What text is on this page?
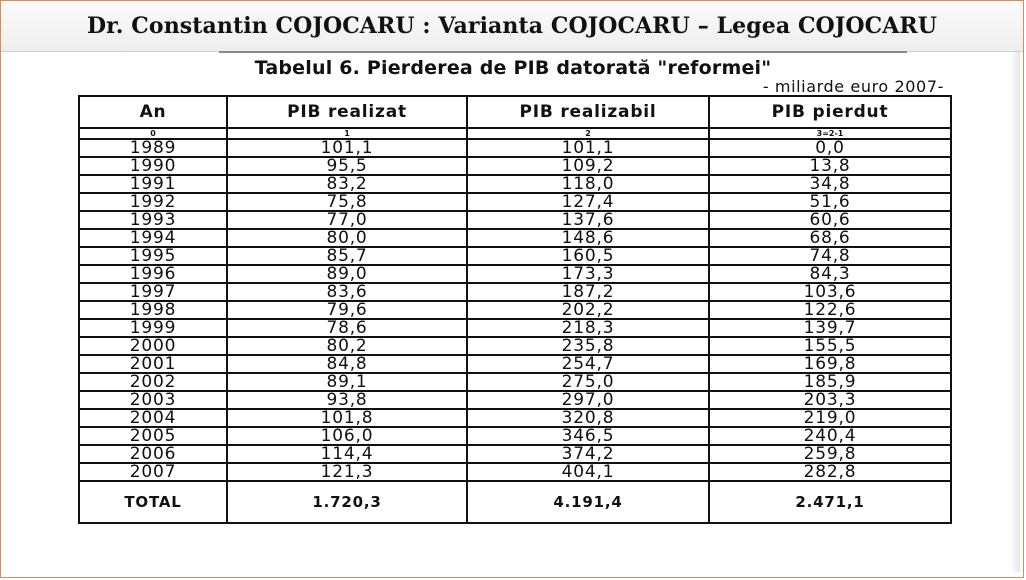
Dr. Constantin COJOCARU : Varianta COJOCARU – Legea COJOCARU
Tabelul 6. Pierderea de PIB datorată "reformei"
- miliarde euro 2007-
An	PIB realizat	PIB realizabil	PIB pierdut
0	1	2	3=2-1
1989	101,1	101,1	0,0
1990	95,5	109,2	13,8
1991	83,2	118,0	34,8
1992	75,8	127,4	51,6
1993	77,0	137,6	60,6
1994	80,0	148,6	68,6
1995	85,7	160,5	74,8
1996	89,0	173,3	84,3
1997	83,6	187,2	103,6
1998	79,6	202,2	122,6
1999	78,6	218,3	139,7
2000	80,2	235,8	155,5
2001	84,8	254,7	169,8
2002	89,1	275,0	185,9
2003	93,8	297,0	203,3
2004	101,8	320,8	219,0
2005	106,0	346,5	240,4
2006	114,4	374,2	259,8
2007	121,3	404,1	282,8
TOTAL	1.720,3	4.191,4	2.471,1
